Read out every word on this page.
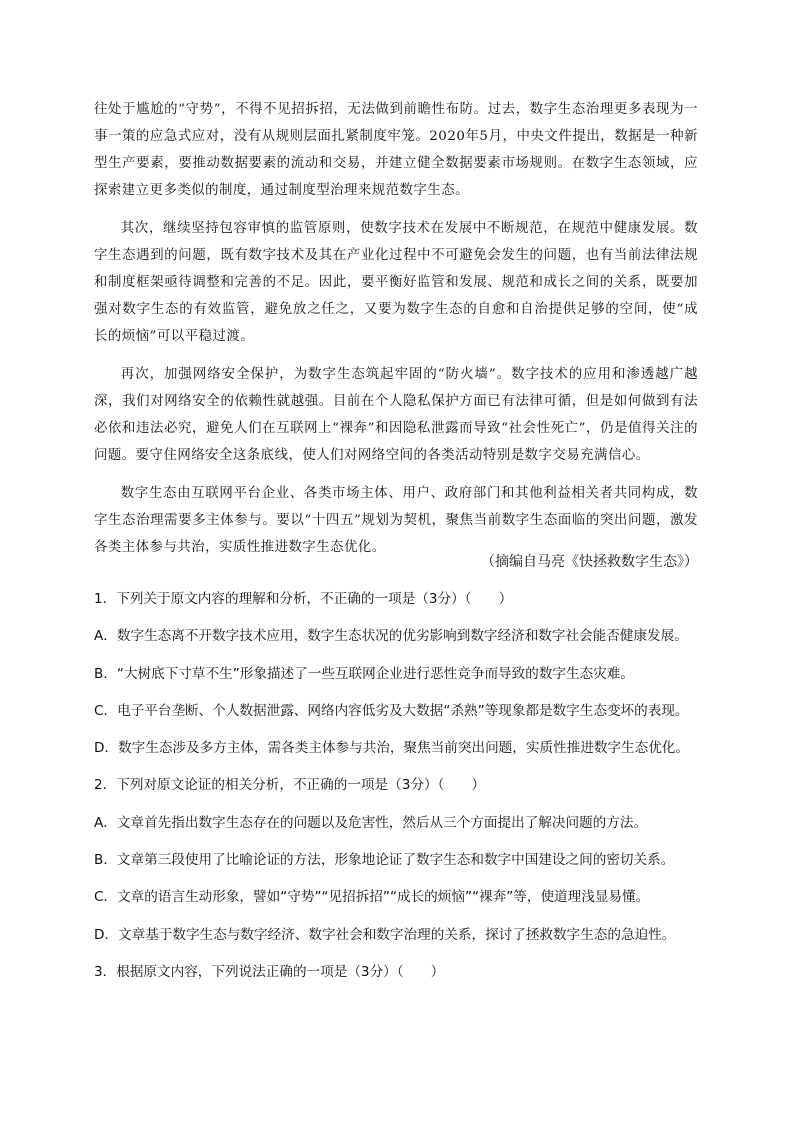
往处于尴尬的“守势”，不得不见招拆招，无法做到前瞻性布防。过去，数字生态治理更多表现为一事一策的应急式应对，没有从规则层面扎紧制度牢笼。2020年5月，中央文件提出，数据是一种新型生产要素，要推动数据要素的流动和交易，并建立健全数据要素市场规则。在数字生态领域，应探索建立更多类似的制度，通过制度型治理来规范数字生态。

其次，继续坚持包容审慎的监管原则，使数字技术在发展中不断规范，在规范中健康发展。数字生态遇到的问题，既有数字技术及其在产业化过程中不可避免会发生的问题，也有当前法律法规和制度框架亟待调整和完善的不足。因此，要平衡好监管和发展、规范和成长之间的关系，既要加强对数字生态的有效监管，避免放之任之，又要为数字生态的自愈和自治提供足够的空间，使“成长的烦恼”可以平稳过渡。

再次，加强网络安全保护，为数字生态筑起牢固的“防火墙”。数字技术的应用和渗透越广越深，我们对网络安全的依赖性就越强。目前在个人隐私保护方面已有法律可循，但是如何做到有法必依和违法必究，避免人们在互联网上“裸奔”和因隐私泄露而导致“社会性死亡”，仍是值得关注的问题。要守住网络安全这条底线，使人们对网络空间的各类活动特别是数字交易充满信心。

数字生态由互联网平台企业、各类市场主体、用户、政府部门和其他利益相关者共同构成，数字生态治理需要多主体参与。要以“十四五”规划为契机，聚焦当前数字生态面临的突出问题，激发各类主体参与共治，实质性推进数字生态优化。

（摘编自马亮《快拯救数字生态》）
1．下列关于原文内容的理解和分析，不正确的一项是（3分）（　　）
A．数字生态离不开数字技术应用，数字生态状况的优劣影响到数字经济和数字社会能否健康发展。
B．“大树底下寸草不生”形象描述了一些互联网企业进行恶性竞争而导致的数字生态灾难。
C．电子平台垄断、个人数据泄露、网络内容低劣及大数据“杀熟”等现象都是数字生态变坏的表现。
D．数字生态涉及多方主体，需各类主体参与共治，聚焦当前突出问题，实质性推进数字生态优化。
2．下列对原文论证的相关分析，不正确的一项是（3分）（　　）
A．文章首先指出数字生态存在的问题以及危害性，然后从三个方面提出了解决问题的方法。
B．文章第三段使用了比喻论证的方法，形象地论证了数字生态和数字中国建设之间的密切关系。
C．文章的语言生动形象，譬如“守势”“见招拆招”“成长的烦恼”“裸奔”等，使道理浅显易懂。
D．文章基于数字生态与数字经济、数字社会和数字治理的关系，探讨了拯救数字生态的急迫性。
3．根据原文内容，下列说法正确的一项是（3分）（　　）
